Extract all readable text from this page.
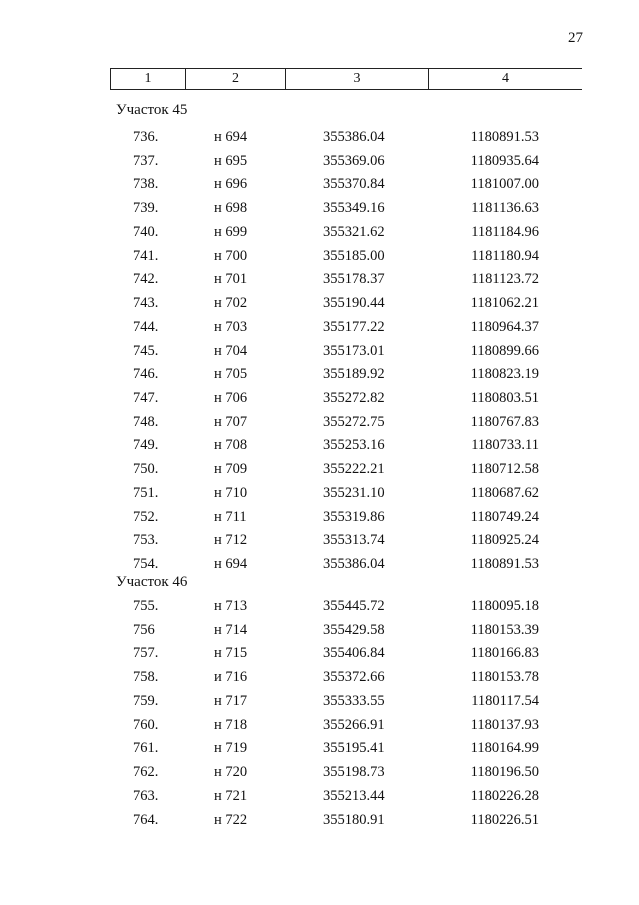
27
1	2	3	4
Участок 45
736.	н 694	355386.04	1180891.53
737.	н 695	355369.06	1180935.64
738.	н 696	355370.84	1181007.00
739.	н 698	355349.16	1181136.63
740.	н 699	355321.62	1181184.96
741.	н 700	355185.00	1181180.94
742.	н 701	355178.37	1181123.72
743.	н 702	355190.44	1181062.21
744.	н 703	355177.22	1180964.37
745.	н 704	355173.01	1180899.66
746.	н 705	355189.92	1180823.19
747.	н 706	355272.82	1180803.51
748.	н 707	355272.75	1180767.83
749.	н 708	355253.16	1180733.11
750.	н 709	355222.21	1180712.58
751.	н 710	355231.10	1180687.62
752.	н 711	355319.86	1180749.24
753.	н 712	355313.74	1180925.24
754.	н 694	355386.04	1180891.53
Участок 46
755.	н 713	355445.72	1180095.18
756	н 714	355429.58	1180153.39
757.	н 715	355406.84	1180166.83
758.	и 716	355372.66	1180153.78
759.	н 717	355333.55	1180117.54
760.	н 718	355266.91	1180137.93
761.	н 719	355195.41	1180164.99
762.	н 720	355198.73	1180196.50
763.	н 721	355213.44	1180226.28
764.	н 722	355180.91	1180226.51
